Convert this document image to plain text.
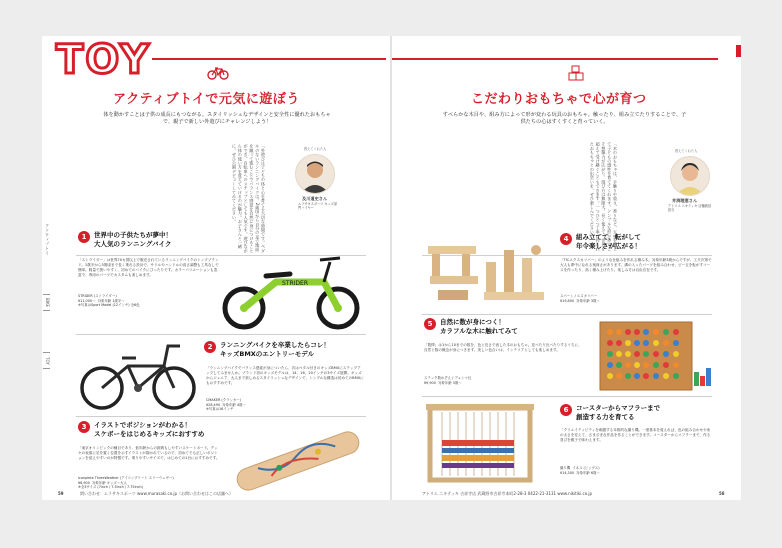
TOY
アクティブトイで元気に遊ぼう
体を動かすことは子供の成長にもつながる。スタイリッシュなデザインと安全性に優れたおもちゃで、親子で新しい外遊びにチャレンジしよう！
「外遊びは子どもの体と心を育てる大切な時間です。ペダルのないランニングバイクは、2歳頃から自分の足で地面を蹴って進むことでバランス感覚を自然に身につけることができ、自転車へのステップとしても人気です。遊びながら体の使い方を覚えていけるのが魅力。お子さんと一緒に、ぜひ公園デビューしてみてください。	教えてくれた人
及川道史さん
ムラサキスポーツ キッズ部門バイヤー
アクティブトイ
BIKE
TOY
1	世界中の子供たちが夢中！
大人気のランニングバイク
「ストライダー」は世界70カ国以上で販売されているランニングバイクのトップブランド。1歳半から5歳頃まで長く乗れる設計で、サドルやハンドルの高さ調整も工具なしで簡単。軽量で扱いやすく、初めてのバイクにぴったりです。カラーバリエーションも豊富で、専用のパーツでカスタムも楽しめます。
STRIDER (ストライダー)
¥11,000〜  対象年齢 1歳半〜
※写真はSport Model (12インチ) 全6色
STRIDER
2	ランニングバイクを卒業したらコレ！
キッズBMXのエントリーモデル
「ランニングバイクでバランス感覚が身についたら、次はペダル付きのキッズBMXにステップアップしてみませんか。ブランド初のキッズモデルは、14、16、20インチの3サイズ展開。キッズからジュニア、大人まで楽しめるスタイリッシュなデザインで、シンプルな構造は初めてのBMXにもおすすめです。
CMAKER (クランカー)
¥28,490  対象年齢 4歳〜
※写真は16インチ
3	イラストでポジションがわかる！
スケボーをはじめるキッズにおすすめ
「東京オリンピックの種目であり、低年齢からの挑戦もしやすいスケートボード。デッキの表面に足を置く位置を示すイラストが描かれているので、初めてでも正しいポジションを覚えやすいのが特徴です。乗りやすいサイズで、はじめての1台におすすめです。
Iconplete ThreeWeather (アイコンプリート スリーウェザー)
¥6,900  対象年齢 キッズ〜大人
※全3サイズ (7inch / 7.5inch / 7.75inch)
59	問い合わせ：ムラサキスポーツ www.murasaki.co.jp（お問い合わせはこの店舗へ）
こだわりおもちゃで心が育つ
すべらかな木目や、組み方によって形が変わる玩具のおもちゃ。触ったり、組み立てたりすることで、子供たちの心はすくすくと育っていく。
「木のおもちゃは、手触りや重さ、香りなど、五感を通して子どもの感性を育ててくれます。シンプルな形だからこそ想像力が広がり、遊び方は無限大。長く使えて、世代を超えて受け継ぐこともできます。一つひとつ丁寧に作られたおもちゃとの出会いを、ぜひ楽しんでください。	教えてくれた人
井渕理恵さん
アトリエ ニキティキ 店舗統括担当
4	組み立てて、転がして
年令楽しさが広がる！
「TICエクスカリバー」のような仕組みを作れる積み木。対象年齢3歳からですが、工夫次第で大人も夢中になれる奥深さがあります。溝の入ったパーツを組み合わせ、ビー玉を転がすコースを作ったり、高く積み上げたり。楽しみ方は自由自在です。
スパーン / エスカリバー
¥19,800  対象年齢 3歳〜
5	自然に数が身につく！
カラフルな木に触れてみて
「数棒」は1から10までの数を、色と長さで表した木のおもちゃ。並べたり比べたりするうちに、自然と数の概念が身につきます。美しい色合いは、インテリアとしても楽しめます。
ステック数かぞえ / デュシマ社
¥9,900  対象年齢 3歳〜
6	コースターからマフラーまで
創造する力を育てる
「クリエイティビティを刺激する本格的な織り機。一度基本を覚えれば、色の組み合わせや糸の太さを変えて、さまざまな作品を作ることができます。コースターからマフラーまで、作る喜びを親子で味わえます。
織り機  イネス (ヒッグス)
¥14,300  対象年齢 6歳〜
アトリエ ニキティキ 吉祥寺店 武蔵野市吉祥寺本町2-28-3 0422-21-3131 www.nikitiki.co.jp	58
